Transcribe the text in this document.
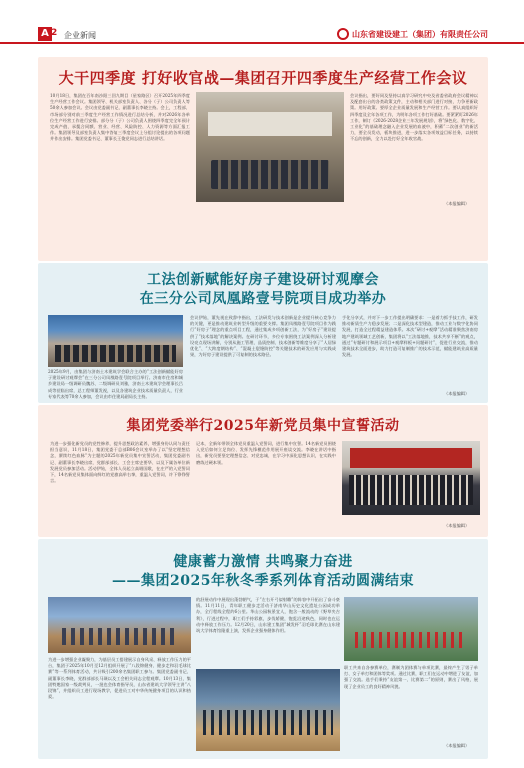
A 2 企业新闻	山东省建设建工（集团）有限责任公司
大干四季度 打好收官战—集团召开四季度生产经营工作会议
10月18日，集团在百年南沙阳三回九期目（星家路区）召开2025年四季度生产经营工作会议。集团领导、机关部室负责人、各分（子）公司负责人等50余人参加会议。会议由党委副书记、副董事长李晓主持。会上，工程部、市场部分别对前三季度生产经营工作情况进行总结分析，并对2026年各单位生产经营工作进行安排。部分分（子）公司负责人围绕四季度完全年预计完成产值、承揽合同额、营业、经营、风险防控、人力资源等方面汇报工作。集团领导及部室负责人集中答复三季度会议上分组讨论提出的各项问题并作出安排。集团党委书记、董事长王俊党同志进行总结讲话。
会议指出，要好同及坚持以真学习研究中央及省委省政府会议精神以及配套出台的各类政策文件，主动和相关部门进行对接，力争更新政策。用好政策。要厚全企业质量发展和生产经营工作。要认真组织好四季度及全年各项工作，为明年各项工作打好基础。要紧紧盯2026年工作，制订《2026-2028企业三年发展规划》，将“绿色化、数字化、工业化”的基础理念融入企业发展的血液中，积蓄“二次创业”的新活力，要全员发动，板块推进，进一步落实各项效益目标任务，以持续不忘的创新，全力以赴打好全年收官战。
（本报编辑）
工法创新赋能好房子建设研讨观摩会
在三分公司凤凰路壹号院项目成功举办
2025年9月，由集团与济南土木建筑学会联合主办的“工法创新赋能好房子建设研讨观摩会”在三分公司凤凰路壹号院项目举行。济南市住房和城乡建设局一级调研员魏苏、二级调研员刘雅，济南土木建筑学会理事长吕成等莅临出席，总工程师董发视，以及各建筑企业技术质量负责人，行业专家代表等70余人参加，会议由市住建局副局长主持。
会议伊始，董先视在致辞中指出，工法研发与技术创新是企业提升核心竞争力的关键，更是推动建筑业转型升级的重要支撑。集团凤凰路壹号院项目作为践行“好房子”理念的重点项目工程，通过集成多项创新工法，为“好房子”建设提供了“技术落地”的解决案例。在研讨环节，多位专家围绕工法案例深入分析建设亮点现场讲解，分别从施工管理、品质控制、技术创新等维度分享了“人居绿优化”、“大跨度钢结构”、“混凝土裂缝防控”等关键技术的研发应用与实践成果，为好房子建设提供了可复制的技术路径。
手化分享式，并对下一步工作提出明确要求：一是着力抓手技工作，研发推动新质生产力稳步发展；二是深化技术型建造，推动工业与数字化协同发展，打造全过程精益建造体系。本次“研讨+观摩”活动精准聚焦济南房地产建筑领域工艺创新，集团将以“工法落地推，技术共享不断”的观点，通过“专题研讨和展示项目+观摩样板+问题研讨”，促进行业交流，推动建筑技术全面进步，助力打造可复制推广的技术示范，赋能建筑业高质量发展。
（本报编辑）
集团党委举行2025年新党员集中宣誓活动
为进一步强化新党员的党性修养，提升思想政治素养，增强身份认同与责任担当意识，11月18日，集团党委于总部B06会议室举办了以“坚定理想信念，赓续红色血脉”为主题的2025年新党员集中宣誓活动，集团党委副书记、副董事长李晓出席，党群部部长、工会主席史要华、以及下属各单位新发展党员参加活动。活动伊始，全体人员起立高唱国歌，在庄严的入党誓词下，14名新党员集体面向鲜红的党旗高举右拳，重温入党誓词，许下铮铮誓言。
记本，全新年带领全体党员重温入党誓词，进行集中宣誓。14名新党员围绕入党后如何立足岗位、发挥先锋模范作用展开座谈交流。李晓在讲话中指出，新党员要坚定理想信念、对党忠诚，在学习中深化思想认识，在实践中磨练过硬本领。
（本报编辑）
健康蓄力激情 共鸣聚力奋进
——集团2025年秋冬季系列体育活动圆满结束
为进一步增强企业凝聚力，为基层员工搭建展示自身风采、释放工作压力的平台，集团于2025年10月至12月组织开展了“八段锦健身、健步走和羽毛球比赛”等一系列体育活动，共计吸引200余名集团职工参与。集团党委副书记、副董事长李晓，党群部部长马瑛以及工会相关同志全程观摩。10月13日，集团特邀国家一级裁判员，一批也会体育指导员，山东省建筑大学领导主讲“八段锦”，并组织员工进行现场教学，促进员工对中华传统健身项目的认识和热爱。
的舒展动作中展现出蓬勃朝气，于“左右开弓似射雕”的阵容中开拓出了奋斗豪情。11月11日，青年职工健步走活动于济南华山历史文化遗址公园成功举办，全行程线全程约6公里。华山公园秋景宜人，饱含一般流动的《野草夹吉利》，行进过程中，职工们手持彩旗，步伐矫健，饱览沿途秋色，同时也在运动中释放工作压力。12月20日，山东建工集团“城发杯”羽毛球比赛在山东建筑大学体育馆隆重上演，发挥企业强身健体作用。
职工共来自各参赛单位，赛制为团体赛与单项比赛，最终产生了男子单打、女子单打和团体等奖项。通过比赛，职工们在运动中增进了友谊，加强了交流。选手们秉持“友谊第一、比赛第二”的原则，赛出了风格，展现了企业员工的良好精神风貌。
（本报编辑）
